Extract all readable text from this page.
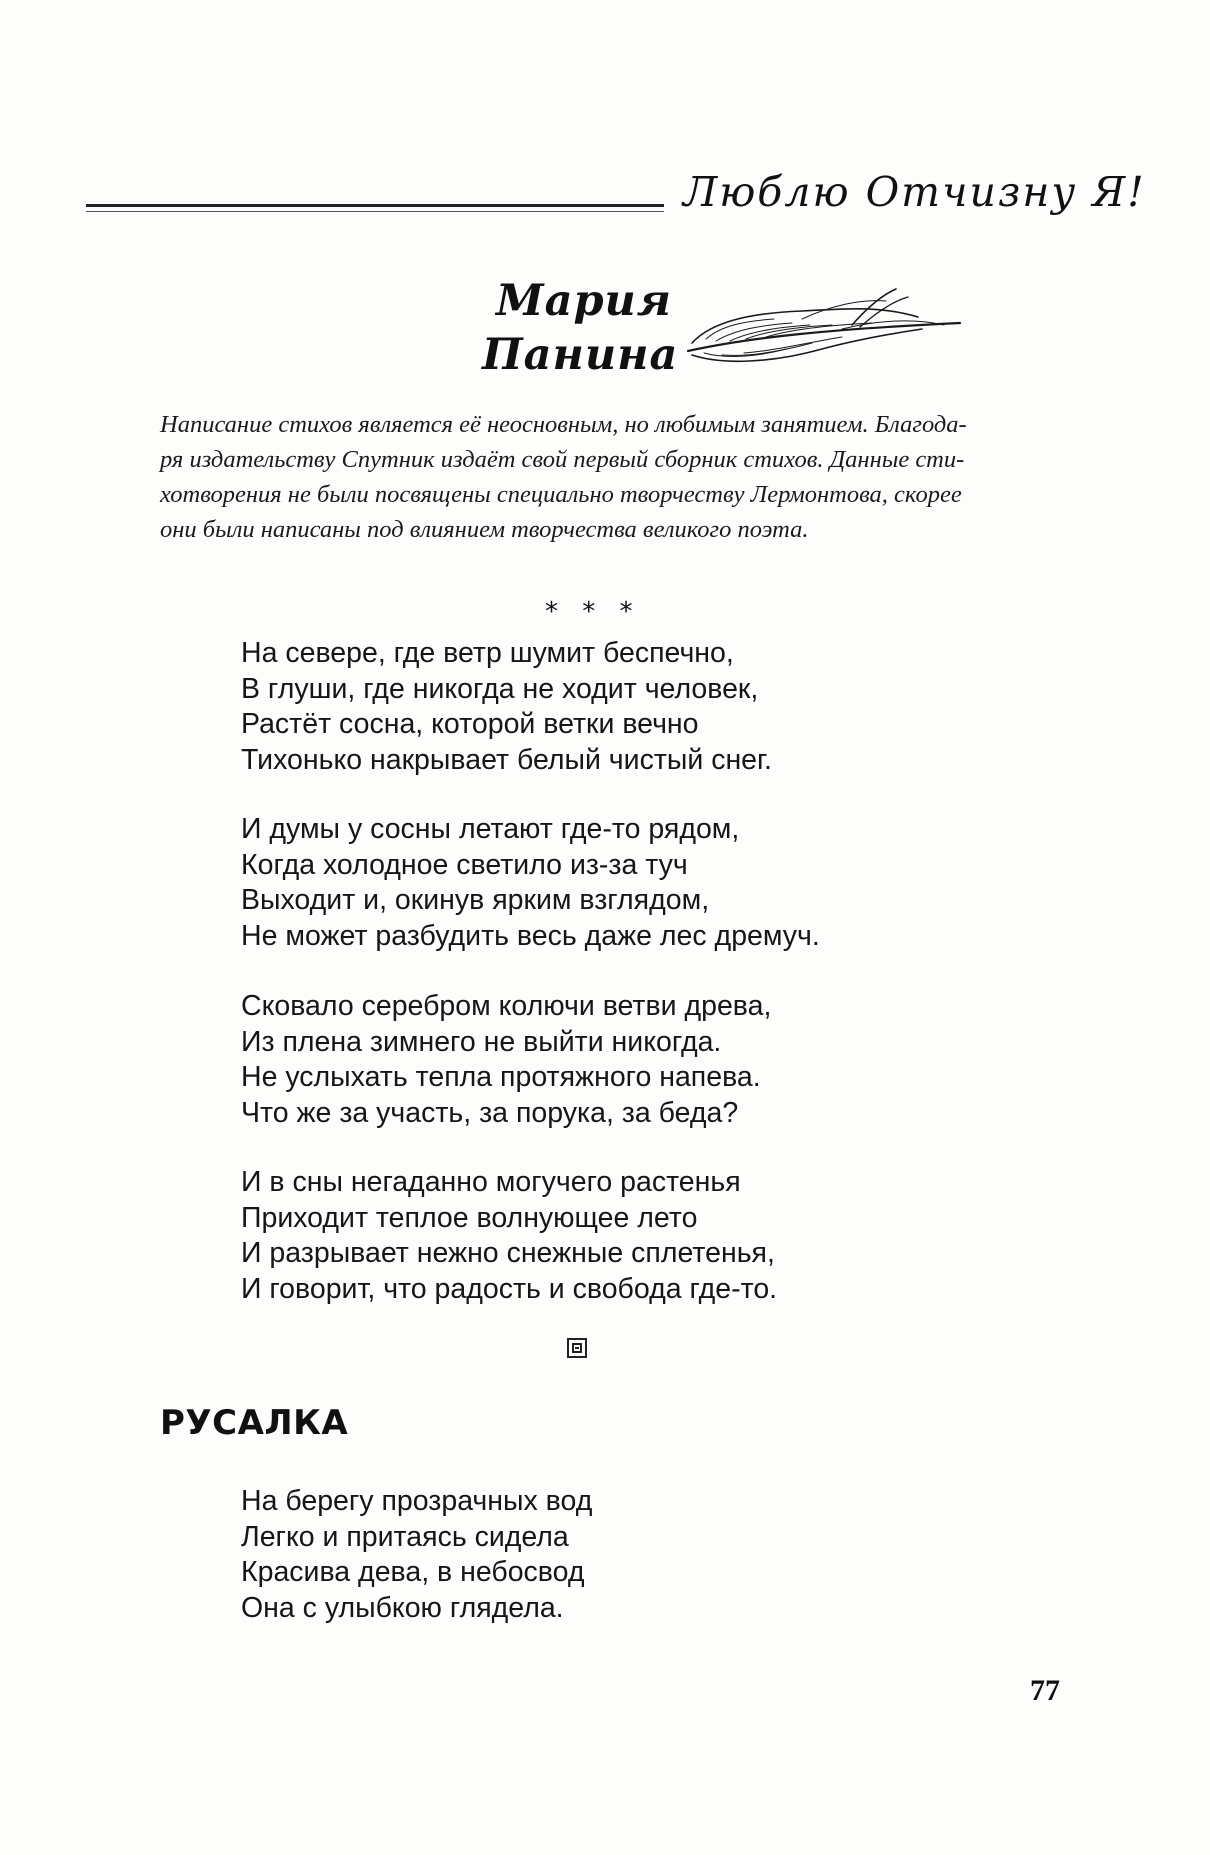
Люблю Отчизну Я!
Мария
Панина
Написание стихов является её неосновным, но любимым занятием. Благода-
ря издательству Спутник издаёт свой первый сборник стихов. Данные сти-
хотворения не были посвящены специально творчеству Лермонтова, скорее
они были написаны под влиянием творчества великого поэта.
* * *
На севере, где ветр шумит беспечно,
В глуши, где никогда не ходит человек,
Растёт сосна, которой ветки вечно
Тихонько накрывает белый чистый снег.
И думы у сосны летают где-то рядом,
Когда холодное светило из-за туч
Выходит и, окинув ярким взглядом,
Не может разбудить весь даже лес дремуч.
Сковало серебром колючи ветви древа,
Из плена зимнего не выйти никогда.
Не услыхать тепла протяжного напева.
Что же за участь, за порука, за беда?
И в сны негаданно могучего растенья
Приходит теплое волнующее лето
И разрывает нежно снежные сплетенья,
И говорит, что радость и свобода где-то.
РУСАЛКА
На берегу прозрачных вод
Легко и притаясь сидела
Красива дева, в небосвод
Она с улыбкою глядела.
77
